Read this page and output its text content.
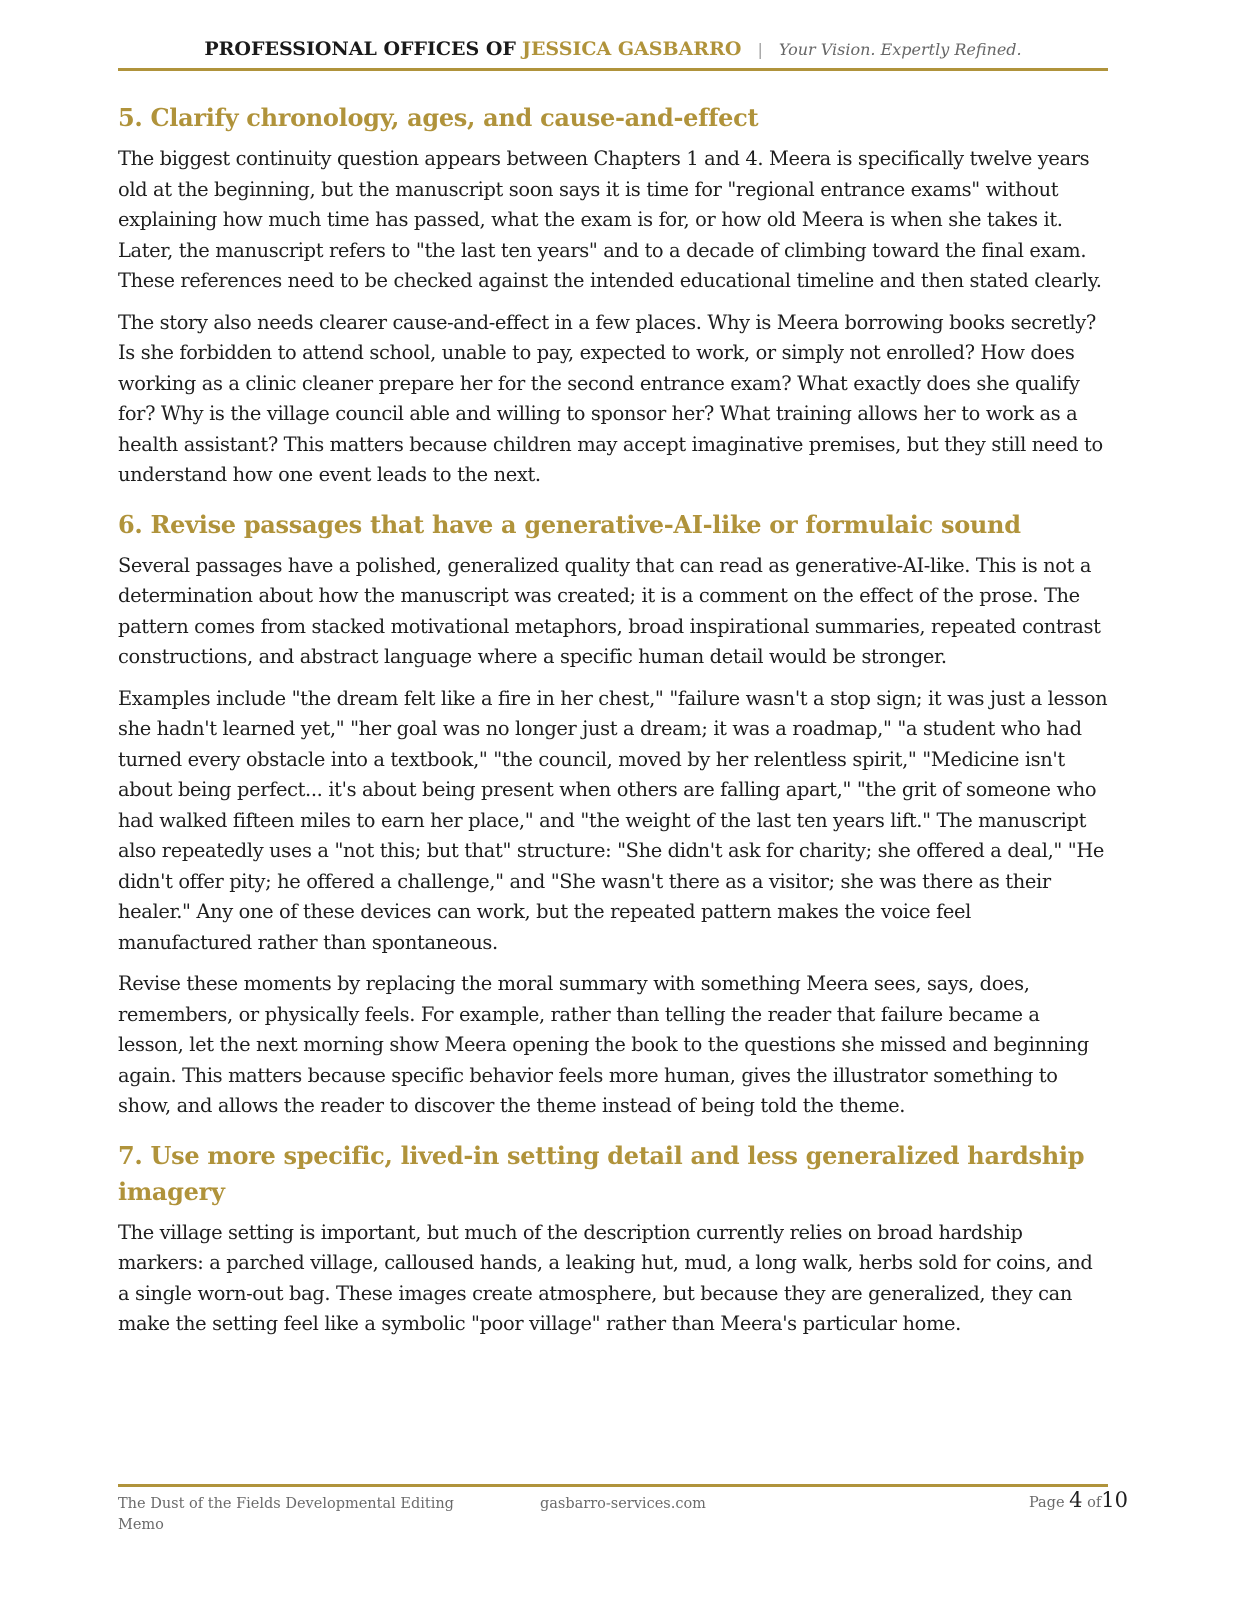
PROFESSIONAL OFFICES OF JESSICA GASBARRO | Your Vision. Expertly Refined.
5. Clarify chronology, ages, and cause-and-effect

The biggest continuity question appears between Chapters 1 and 4. Meera is specifically twelve years old at the beginning, but the manuscript soon says it is time for "regional entrance exams" without explaining how much time has passed, what the exam is for, or how old Meera is when she takes it. Later, the manuscript refers to "the last ten years" and to a decade of climbing toward the final exam. These references need to be checked against the intended educational timeline and then stated clearly.

The story also needs clearer cause-and-effect in a few places. Why is Meera borrowing books secretly? Is she forbidden to attend school, unable to pay, expected to work, or simply not enrolled? How does working as a clinic cleaner prepare her for the second entrance exam? What exactly does she qualify for? Why is the village council able and willing to sponsor her? What training allows her to work as a health assistant? This matters because children may accept imaginative premises, but they still need to understand how one event leads to the next.

6. Revise passages that have a generative-AI-like or formulaic sound

Several passages have a polished, generalized quality that can read as generative-AI-like. This is not a determination about how the manuscript was created; it is a comment on the effect of the prose. The pattern comes from stacked motivational metaphors, broad inspirational summaries, repeated contrast constructions, and abstract language where a specific human detail would be stronger.

Examples include "the dream felt like a fire in her chest," "failure wasn't a stop sign; it was just a lesson she hadn't learned yet," "her goal was no longer just a dream; it was a roadmap," "a student who had turned every obstacle into a textbook," "the council, moved by her relentless spirit," "Medicine isn't about being perfect... it's about being present when others are falling apart," "the grit of someone who had walked fifteen miles to earn her place," and "the weight of the last ten years lift." The manuscript also repeatedly uses a "not this; but that" structure: "She didn't ask for charity; she offered a deal," "He didn't offer pity; he offered a challenge," and "She wasn't there as a visitor; she was there as their healer." Any one of these devices can work, but the repeated pattern makes the voice feel manufactured rather than spontaneous.

Revise these moments by replacing the moral summary with something Meera sees, says, does, remembers, or physically feels. For example, rather than telling the reader that failure became a lesson, let the next morning show Meera opening the book to the questions she missed and beginning again. This matters because specific behavior feels more human, gives the illustrator something to show, and allows the reader to discover the theme instead of being told the theme.

7. Use more specific, lived-in setting detail and less generalized hardship imagery

The village setting is important, but much of the description currently relies on broad hardship markers: a parched village, calloused hands, a leaking hut, mud, a long walk, herbs sold for coins, and a single worn-out bag. These images create atmosphere, but because they are generalized, they can make the setting feel like a symbolic "poor village" rather than Meera's particular home.

The Dust of the Fields Developmental Editing Memo
gasbarro-services.com	Page 4 of10
